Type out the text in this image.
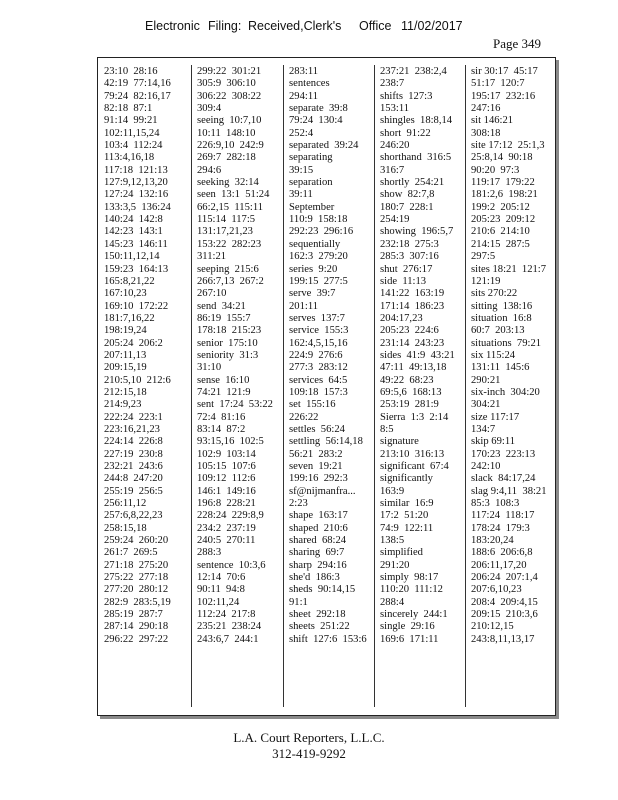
Electronic Filing: Received,Clerk's Office 11/02/2017
Page 349
23:10  28:16
42:19  77:14,16
79:24  82:16,17
82:18  87:1
91:14  99:21
102:11,15,24
103:4  112:24
113:4,16,18
117:18  121:13
127:9,12,13,20
127:24  132:16
133:3,5  136:24
140:24  142:8
142:23  143:1
145:23  146:11
150:11,12,14
159:23  164:13
165:8,21,22
167:10,23
169:10  172:22
181:7,16,22
198:19,24
205:24  206:2
207:11,13
209:15,19
210:5,10  212:6
212:15,18
214:9,23
222:24  223:1
223:16,21,23
224:14  226:8
227:19  230:8
232:21  243:6
244:8  247:20
255:19  256:5
256:11,12
257:6,8,22,23
258:15,18
259:24  260:20
261:7  269:5
271:18  275:20
275:22  277:18
277:20  280:12
282:9  283:5,19
285:19  287:7
287:14  290:18
296:22  297:22
299:22  301:21
305:9  306:10
306:22  308:22
309:4
seeing  10:7,10
10:11  148:10
226:9,10  242:9
269:7  282:18
294:6
seeking  32:14
seen  13:1  51:24
66:2,15  115:11
115:14  117:5
131:17,21,23
153:22  282:23
311:21
seeping  215:6
266:7,13  267:2
267:10
send  34:21
86:19  155:7
178:18  215:23
senior  175:10
seniority  31:3
31:10
sense  16:10
74:21  121:9
sent  17:24  53:22
72:4  81:16
83:14  87:2
93:15,16  102:5
102:9  103:14
105:15  107:6
109:12  112:6
146:1  149:16
196:8  228:21
228:24  229:8,9
234:2  237:19
240:5  270:11
288:3
sentence  10:3,6
12:14  70:6
90:11  94:8
102:11,24
112:24  217:8
235:21  238:24
243:6,7  244:1
283:11
sentences
294:11
separate  39:8
79:24  130:4
252:4
separated  39:24
separating
39:15
separation
39:11
September
110:9  158:18
292:23  296:16
sequentially
162:3  279:20
series  9:20
199:15  277:5
serve  39:7
201:11
serves  137:7
service  155:3
162:4,5,15,16
224:9  276:6
277:3  283:12
services  64:5
109:18  157:3
set  155:16
226:22
settles  56:24
settling  56:14,18
56:21  283:2
seven  19:21
199:16  292:3
sf@nijmanfra...
2:23
shape  163:17
shaped  210:6
shared  68:24
sharing  69:7
sharp  294:16
she'd  186:3
sheds  90:14,15
91:1
sheet  292:18
sheets  251:22
shift  127:6  153:6
237:21  238:2,4
238:7
shifts  127:3
153:11
shingles  18:8,14
short  91:22
246:20
shorthand  316:5
316:7
shortly  254:21
show  82:7,8
180:7  228:1
254:19
showing  196:5,7
232:18  275:3
285:3  307:16
shut  276:17
side  11:13
141:22  163:19
171:14  186:23
204:17,23
205:23  224:6
231:14  243:23
sides  41:9  43:21
47:11  49:13,18
49:22  68:23
69:5,6  168:13
253:19  281:9
Sierra  1:3  2:14
8:5
signature
213:10  316:13
significant  67:4
significantly
163:9
similar  16:9
17:2  51:20
74:9  122:11
138:5
simplified
291:20
simply  98:17
110:20  111:12
288:4
sincerely  244:1
single  29:16
169:6  171:11
sir 30:17  45:17
51:17  120:7
195:17  232:16
247:16
sit 146:21
308:18
site 17:12  25:1,3
25:8,14  90:18
90:20  97:3
119:17  179:22
181:2,6  198:21
199:2  205:12
205:23  209:12
210:6  214:10
214:15  287:5
297:5
sites 18:21  121:7
121:19
sits 270:22
sitting  138:16
situation  16:8
60:7  203:13
situations  79:21
six 115:24
131:11  145:6
290:21
six-inch  304:20
304:21
size 117:17
134:7
skip 69:11
170:23  223:13
242:10
slack  84:17,24
slag 9:4,11  38:21
85:3  108:3
117:24  118:17
178:24  179:3
183:20,24
188:6  206:6,8
206:11,17,20
206:24  207:1,4
207:6,10,23
208:4  209:4,15
209:15  210:3,6
210:12,15
243:8,11,13,17
L.A. Court Reporters, L.L.C.
312-419-9292
